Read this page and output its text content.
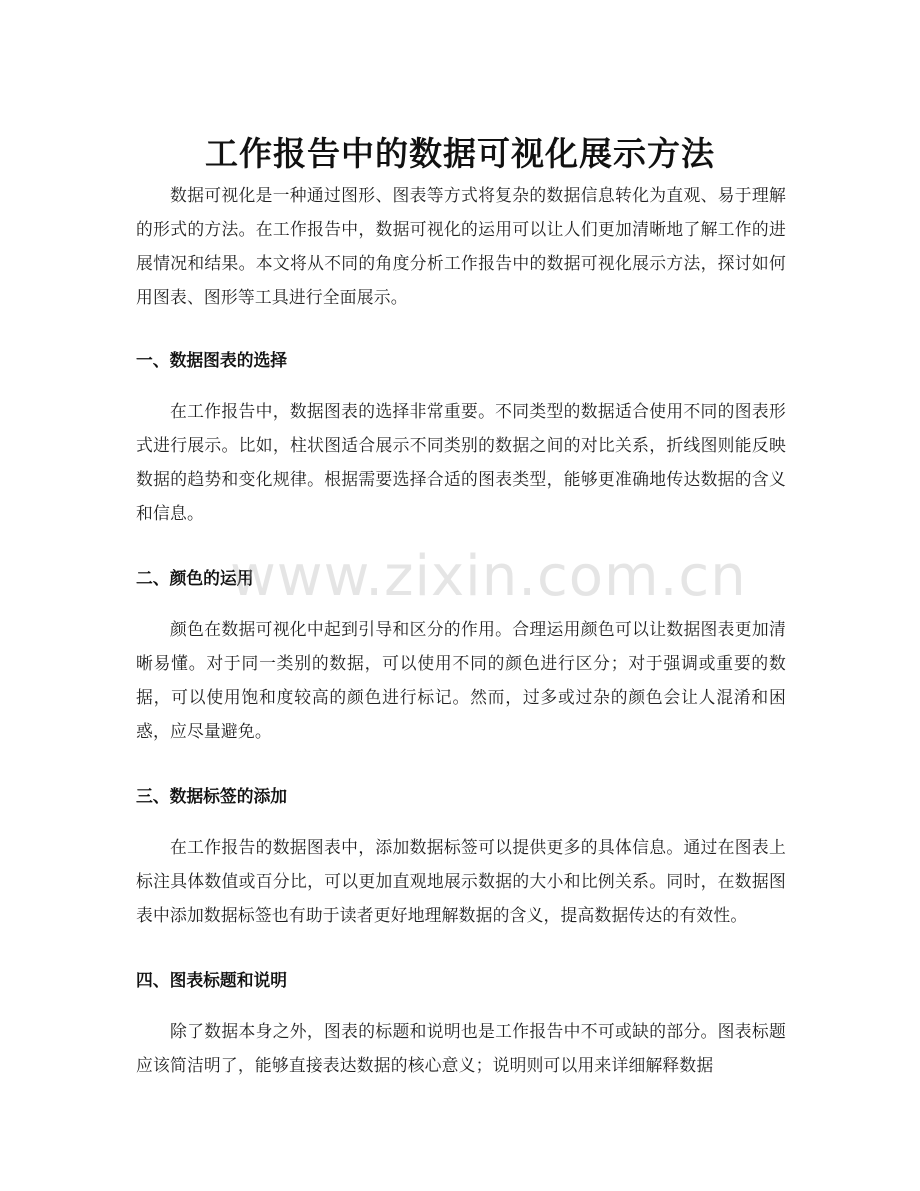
工作报告中的数据可视化展示方法

数据可视化是一种通过图形、图表等方式将复杂的数据信息转化为直观、易于理解的形式的方法。在工作报告中，数据可视化的运用可以让人们更加清晰地了解工作的进展情况和结果。本文将从不同的角度分析工作报告中的数据可视化展示方法，探讨如何用图表、图形等工具进行全面展示。

一、数据图表的选择

在工作报告中，数据图表的选择非常重要。不同类型的数据适合使用不同的图表形式进行展示。比如，柱状图适合展示不同类别的数据之间的对比关系，折线图则能反映数据的趋势和变化规律。根据需要选择合适的图表类型，能够更准确地传达数据的含义和信息。

二、颜色的运用

颜色在数据可视化中起到引导和区分的作用。合理运用颜色可以让数据图表更加清晰易懂。对于同一类别的数据，可以使用不同的颜色进行区分；对于强调或重要的数据，可以使用饱和度较高的颜色进行标记。然而，过多或过杂的颜色会让人混淆和困惑，应尽量避免。

三、数据标签的添加

在工作报告的数据图表中，添加数据标签可以提供更多的具体信息。通过在图表上标注具体数值或百分比，可以更加直观地展示数据的大小和比例关系。同时，在数据图表中添加数据标签也有助于读者更好地理解数据的含义，提高数据传达的有效性。

四、图表标题和说明

除了数据本身之外，图表的标题和说明也是工作报告中不可或缺的部分。图表标题应该简洁明了，能够直接表达数据的核心意义；说明则可以用来详细解释数据

www.zixin.com.cn
